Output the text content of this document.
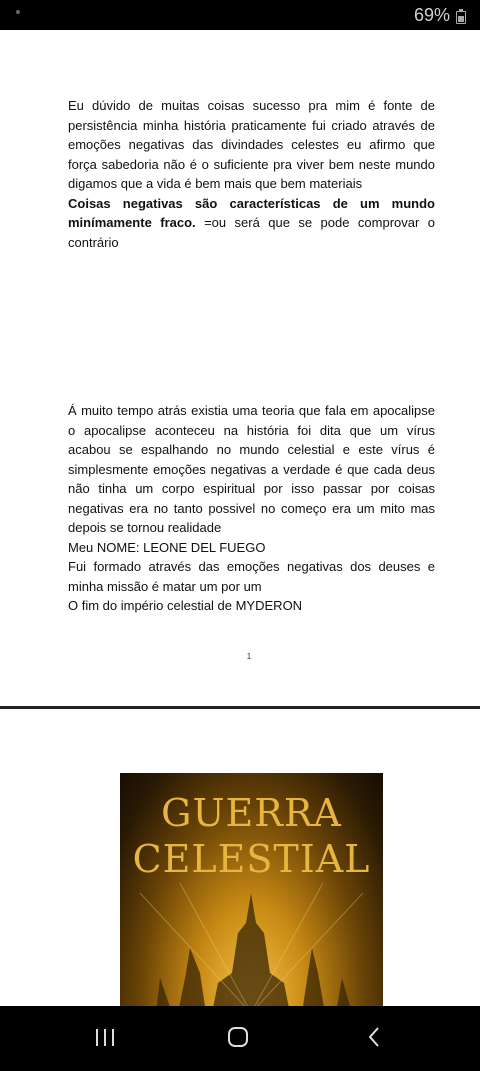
69%
Eu dúvido de muitas coisas sucesso pra mim é fonte de persistência minha história praticamente fui criado através de emoções negativas das divindades celestes eu afirmo que força sabedoria não é o suficiente pra viver bem neste mundo digamos que a vida é bem mais que bem materiais
Coisas negativas são características de um mundo minímamente fraco. =ou será que se pode comprovar o contrário
Á muito tempo atrás existia uma teoria que fala em apocalipse o apocalipse aconteceu na história foi dita que um vírus acabou se espalhando no mundo celestial e este vírus é simplesmente emoções negativas a verdade é que cada deus não tinha um corpo espiritual por isso passar por coisas negativas era no tanto possivel no começo era um mito mas depois se tornou realidade
Meu NOME: LEONE DEL FUEGO
Fui formado através das emoções negativas dos deuses e minha missão é matar um por um
O fim do império celestial de MYDERON
1
GUERRA
CELESTIAL
